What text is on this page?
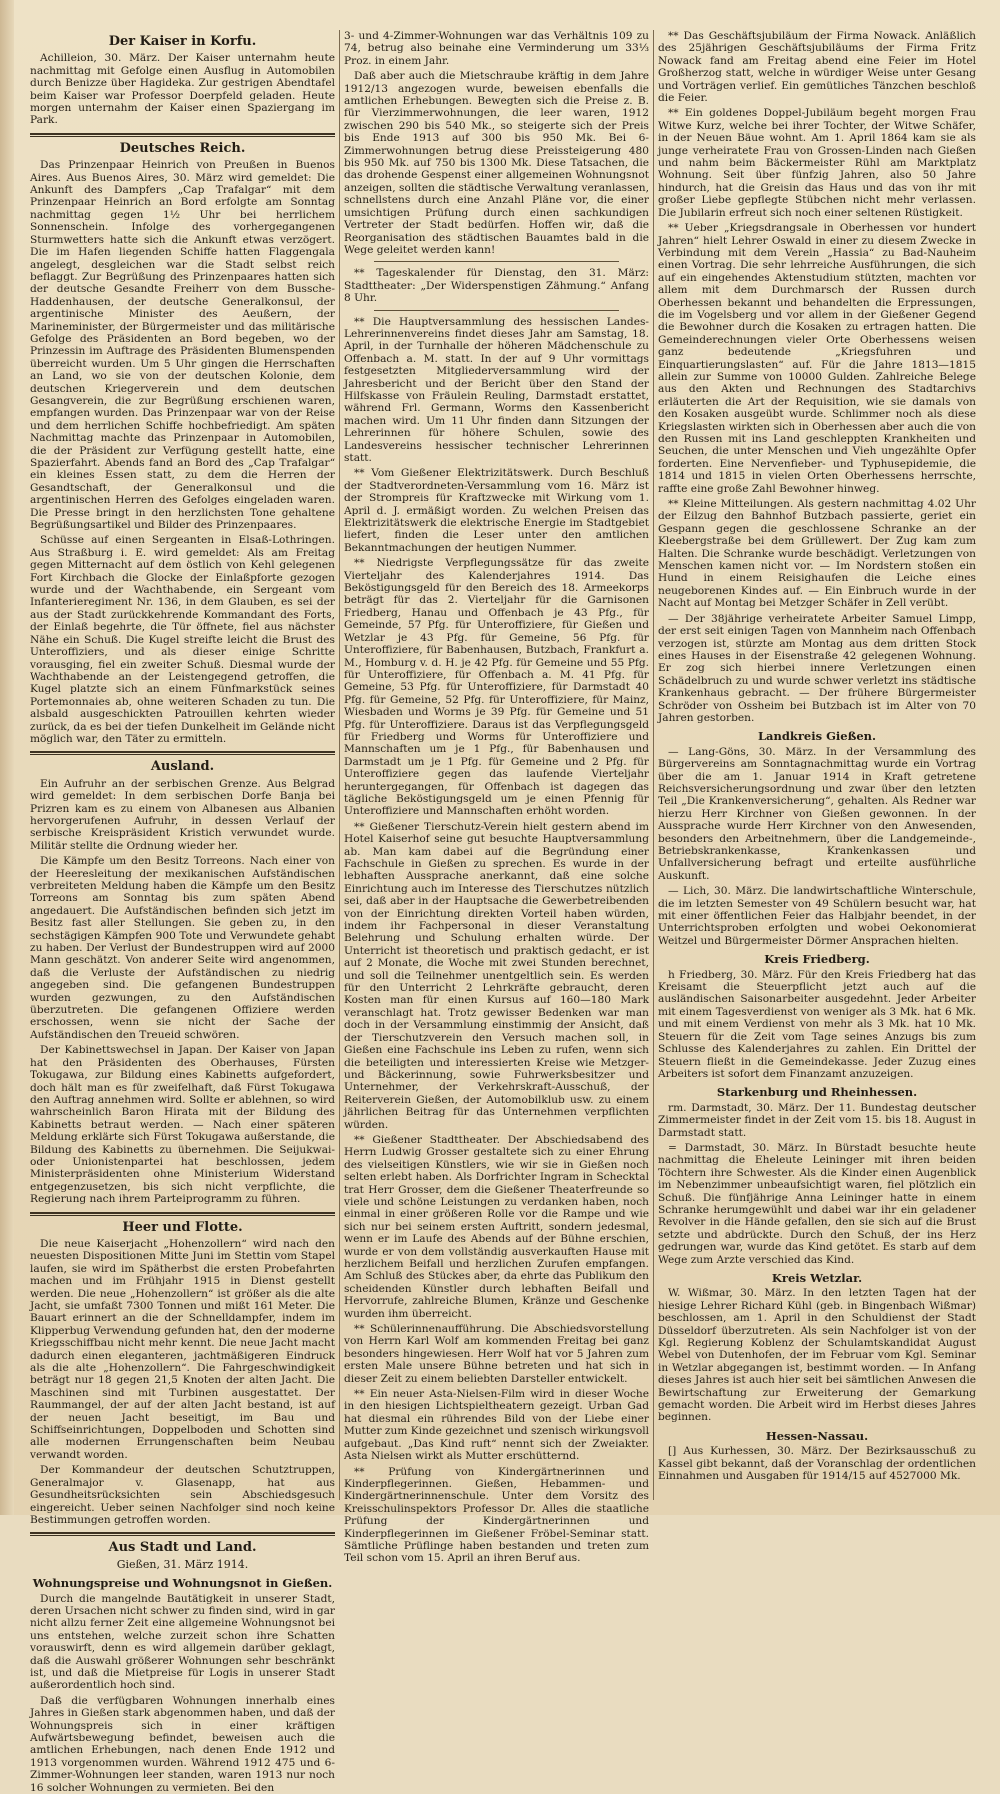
Der Kaiser in Korfu.

Achilleion, 30. März. Der Kaiser unternahm heute nachmittag mit Gefolge einen Ausflug in Automobilen durch Benizze über Hagideka. Zur gestrigen Abendtafel beim Kaiser war Professor Doerpfeld geladen. Heute morgen unternahm der Kaiser einen Spaziergang im Park.

Deutsches Reich.

Das Prinzenpaar Heinrich von Preußen in Buenos Aires. Aus Buenos Aires, 30. März wird gemeldet: Die Ankunft des Dampfers „Cap Trafalgar“ mit dem Prinzenpaar Heinrich an Bord erfolgte am Sonntag nachmittag gegen 1½ Uhr bei herrlichem Sonnenschein. Infolge des vorhergegangenen Sturmwetters hatte sich die Ankunft etwas verzögert. Die im Hafen liegenden Schiffe hatten Flaggengala angelegt, desgleichen war die Stadt selbst reich beflaggt. Zur Begrüßung des Prinzenpaares hatten sich der deutsche Gesandte Freiherr von dem Bussche-Haddenhausen, der deutsche Generalkonsul, der argentinische Minister des Aeußern, der Marineminister, der Bürgermeister und das militärische Gefolge des Präsidenten an Bord begeben, wo der Prinzessin im Auftrage des Präsidenten Blumenspenden überreicht wurden. Um 5 Uhr gingen die Herrschaften an Land, wo sie von der deutschen Kolonie, dem deutschen Kriegerverein und dem deutschen Gesangverein, die zur Begrüßung erschienen waren, empfangen wurden. Das Prinzenpaar war von der Reise und dem herrlichen Schiffe hochbefriedigt. Am späten Nachmittag machte das Prinzenpaar in Automobilen, die der Präsident zur Verfügung gestellt hatte, eine Spazierfahrt. Abends fand an Bord des „Cap Trafalgar“ ein kleines Essen statt, zu dem die Herren der Gesandtschaft, der Generalkonsul und die argentinischen Herren des Gefolges eingeladen waren. Die Presse bringt in den herzlichsten Tone gehaltene Begrüßungsartikel und Bilder des Prinzenpaares.

Schüsse auf einen Sergeanten in Elsaß-Lothringen. Aus Straßburg i. E. wird gemeldet: Als am Freitag gegen Mitternacht auf dem östlich von Kehl gelegenen Fort Kirchbach die Glocke der Einlaßpforte gezogen wurde und der Wachthabende, ein Sergeant vom Infanterieregiment Nr. 136, in dem Glauben, es sei der aus der Stadt zurückkehrende Kommandant des Forts, der Einlaß begehrte, die Tür öffnete, fiel aus nächster Nähe ein Schuß. Die Kugel streifte leicht die Brust des Unteroffiziers, und als dieser einige Schritte vorausging, fiel ein zweiter Schuß. Diesmal wurde der Wachthabende an der Leistengegend getroffen, die Kugel platzte sich an einem Fünfmarkstück seines Portemonnaies ab, ohne weiteren Schaden zu tun. Die alsbald ausgeschickten Patrouillen kehrten wieder zurück, da es bei der tiefen Dunkelheit im Gelände nicht möglich war, den Täter zu ermitteln.

Ausland.

Ein Aufruhr an der serbischen Grenze. Aus Belgrad wird gemeldet: In dem serbischen Dorfe Banja bei Prizren kam es zu einem von Albanesen aus Albanien hervorgerufenen Aufruhr, in dessen Verlauf der serbische Kreispräsident Kristich verwundet wurde. Militär stellte die Ordnung wieder her.

Die Kämpfe um den Besitz Torreons. Nach einer von der Heeresleitung der mexikanischen Aufständischen verbreiteten Meldung haben die Kämpfe um den Besitz Torreons am Sonntag bis zum späten Abend angedauert. Die Aufständischen befinden sich jetzt im Besitz fast aller Stellungen. Sie geben zu, in den sechstägigen Kämpfen 900 Tote und Verwundete gehabt zu haben. Der Verlust der Bundestruppen wird auf 2000 Mann geschätzt. Von anderer Seite wird angenommen, daß die Verluste der Aufständischen zu niedrig angegeben sind. Die gefangenen Bundestruppen wurden gezwungen, zu den Aufständischen überzutreten. Die gefangenen Offiziere werden erschossen, wenn sie nicht der Sache der Aufständischen den Treueid schwören.

Der Kabinettswechsel in Japan. Der Kaiser von Japan hat den Präsidenten des Oberhauses, Fürsten Tokugawa, zur Bildung eines Kabinetts aufgefordert, doch hält man es für zweifelhaft, daß Fürst Tokugawa den Auftrag annehmen wird. Sollte er ablehnen, so wird wahrscheinlich Baron Hirata mit der Bildung des Kabinetts betraut werden. — Nach einer späteren Meldung erklärte sich Fürst Tokugawa außerstande, die Bildung des Kabinetts zu übernehmen. Die Seijukwai- oder Unionistenpartei hat beschlossen, jedem Ministerpräsidenten ohne Ministerium Widerstand entgegenzusetzen, bis sich nicht verpflichte, die Regierung nach ihrem Parteiprogramm zu führen.

Heer und Flotte.

Die neue Kaiserjacht „Hohenzollern“ wird nach den neuesten Dispositionen Mitte Juni im Stettin vom Stapel laufen, sie wird im Spätherbst die ersten Probefahrten machen und im Frühjahr 1915 in Dienst gestellt werden. Die neue „Hohenzollern“ ist größer als die alte Jacht, sie umfaßt 7300 Tonnen und mißt 161 Meter. Die Bauart erinnert an die der Schnelldampfer, indem im Klipperbug Verwendung gefunden hat, den der moderne Kriegsschiffbau nicht mehr kennt. Die neue Jacht macht dadurch einen eleganteren, jachtmäßigeren Eindruck als die alte „Hohenzollern“. Die Fahrgeschwindigkeit beträgt nur 18 gegen 21,5 Knoten der alten Jacht. Die Maschinen sind mit Turbinen ausgestattet. Der Raummangel, der auf der alten Jacht bestand, ist auf der neuen Jacht beseitigt, im Bau und Schiffseinrichtungen, Doppelboden und Schotten sind alle modernen Errungenschaften beim Neubau verwandt worden.

Der Kommandeur der deutschen Schutztruppen, Generalmajor v. Glasenapp, hat aus Gesundheitsrücksichten sein Abschiedsgesuch eingereicht. Ueber seinen Nachfolger sind noch keine Bestimmungen getroffen worden.

Aus Stadt und Land.
Gießen, 31. März 1914.
Wohnungspreise und Wohnungsnot in Gießen.

Durch die mangelnde Bautätigkeit in unserer Stadt, deren Ursachen nicht schwer zu finden sind, wird in gar nicht allzu ferner Zeit eine allgemeine Wohnungsnot bei uns entstehen, welche zurzeit schon ihre Schatten vorauswirft, denn es wird allgemein darüber geklagt, daß die Auswahl größerer Wohnungen sehr beschränkt ist, und daß die Mietpreise für Logis in unserer Stadt außerordentlich hoch sind.

Daß die verfügbaren Wohnungen innerhalb eines Jahres in Gießen stark abgenommen haben, und daß der Wohnungspreis sich in einer kräftigen Aufwärtsbewegung befindet, beweisen auch die amtlichen Erhebungen, nach denen Ende 1912 und 1913 vorgenommen wurden. Während 1912 475 und 6-Zimmer-Wohnungen leer standen, waren 1913 nur noch 16 solcher Wohnungen zu vermieten. Bei den

3- und 4-Zimmer-Wohnungen war das Verhältnis 109 zu 74, betrug also beinahe eine Verminderung um 33⅓ Proz. in einem Jahr.

Daß aber auch die Mietschraube kräftig in dem Jahre 1912/13 angezogen wurde, beweisen ebenfalls die amtlichen Erhebungen. Bewegten sich die Preise z. B. für Vierzimmerwohnungen, die leer waren, 1912 zwischen 290 bis 540 Mk., so steigerte sich der Preis bis Ende 1913 auf 300 bis 950 Mk. Bei 6-Zimmerwohnungen betrug diese Preissteigerung 480 bis 950 Mk. auf 750 bis 1300 Mk. Diese Tatsachen, die das drohende Gespenst einer allgemeinen Wohnungsnot anzeigen, sollten die städtische Verwaltung veranlassen, schnellstens durch eine Anzahl Pläne vor, die einer umsichtigen Prüfung durch einen sachkundigen Vertreter der Stadt bedürfen. Hoffen wir, daß die Reorganisation des städtischen Bauamtes bald in die Wege geleitet werden kann!

** Tageskalender für Dienstag, den 31. März: Stadttheater: „Der Widerspenstigen Zähmung.“ Anfang 8 Uhr.

** Die Hauptversammlung des hessischen Landes-Lehrerinnenvereins findet dieses Jahr am Samstag, 18. April, in der Turnhalle der höheren Mädchenschule zu Offenbach a. M. statt. In der auf 9 Uhr vormittags festgesetzten Mitgliederversammlung wird der Jahresbericht und der Bericht über den Stand der Hilfskasse von Fräulein Reuling, Darmstadt erstattet, während Frl. Germann, Worms den Kassenbericht machen wird. Um 11 Uhr finden dann Sitzungen der Lehrerinnen für höhere Schulen, sowie des Landesvereins hessischer technischer Lehrerinnen statt.

** Vom Gießener Elektrizitätswerk. Durch Beschluß der Stadtverordneten-Versammlung vom 16. März ist der Strompreis für Kraftzwecke mit Wirkung vom 1. April d. J. ermäßigt worden. Zu welchen Preisen das Elektrizitätswerk die elektrische Energie im Stadtgebiet liefert, finden die Leser unter den amtlichen Bekanntmachungen der heutigen Nummer.

** Niedrigste Verpflegungssätze für das zweite Vierteljahr des Kalenderjahres 1914. Das Beköstigungsgeld für den Bereich des 18. Armeekorps beträgt für das 2. Vierteljahr für die Garnisonen Friedberg, Hanau und Offenbach je 43 Pfg., für Gemeinde, 57 Pfg. für Unteroffiziere, für Gießen und Wetzlar je 43 Pfg. für Gemeine, 56 Pfg. für Unteroffiziere, für Babenhausen, Butzbach, Frankfurt a. M., Homburg v. d. H. je 42 Pfg. für Gemeine und 55 Pfg. für Unteroffiziere, für Offenbach a. M. 41 Pfg. für Gemeine, 53 Pfg. für Unteroffiziere, für Darmstadt 40 Pfg. für Gemeine, 52 Pfg. für Unteroffiziere, für Mainz, Wiesbaden und Worms je 39 Pfg. für Gemeine und 51 Pfg. für Unteroffiziere. Daraus ist das Verpflegungsgeld für Friedberg und Worms für Unteroffiziere und Mannschaften um je 1 Pfg., für Babenhausen und Darmstadt um je 1 Pfg. für Gemeine und 2 Pfg. für Unteroffiziere gegen das laufende Vierteljahr heruntergegangen, für Offenbach ist dagegen das tägliche Beköstigungsgeld um je einen Pfennig für Unteroffiziere und Mannschaften erhöht worden.

** Gießener Tierschutz-Verein hielt gestern abend im Hotel Kaiserhof seine gut besuchte Hauptversammlung ab. Man kam dabei auf die Begründung einer Fachschule in Gießen zu sprechen. Es wurde in der lebhaften Aussprache anerkannt, daß eine solche Einrichtung auch im Interesse des Tierschutzes nützlich sei, daß aber in der Hauptsache die Gewerbetreibenden von der Einrichtung direkten Vorteil haben würden, indem ihr Fachpersonal in dieser Veranstaltung Belehrung und Schulung erhalten würde. Der Unterricht ist theoretisch und praktisch gedacht, er ist auf 2 Monate, die Woche mit zwei Stunden berechnet, und soll die Teilnehmer unentgeltlich sein. Es werden für den Unterricht 2 Lehrkräfte gebraucht, deren Kosten man für einen Kursus auf 160—180 Mark veranschlagt hat. Trotz gewisser Bedenken war man doch in der Versammlung einstimmig der Ansicht, daß der Tierschutzverein den Versuch machen soll, in Gießen eine Fachschule ins Leben zu rufen, wenn sich die beteiligten und interessierten Kreise wie Metzger- und Bäckerinnung, sowie Fuhrwerksbesitzer und Unternehmer, der Verkehrskraft-Ausschuß, der Reiterverein Gießen, der Automobilklub usw. zu einem jährlichen Beitrag für das Unternehmen verpflichten würden.

** Gießener Stadttheater. Der Abschiedsabend des Herrn Ludwig Grosser gestaltete sich zu einer Ehrung des vielseitigen Künstlers, wie wir sie in Gießen noch selten erlebt haben. Als Dorfrichter Ingram in Schecktal trat Herr Grosser, dem die Gießener Theaterfreunde so viele und schöne Leistungen zu verdanken haben, noch einmal in einer größeren Rolle vor die Rampe und wie sich nur bei seinem ersten Auftritt, sondern jedesmal, wenn er im Laufe des Abends auf der Bühne erschien, wurde er von dem vollständig ausverkauften Hause mit herzlichem Beifall und herzlichen Zurufen empfangen. Am Schluß des Stückes aber, da ehrte das Publikum den scheidenden Künstler durch lebhaften Beifall und Hervorrufe, zahlreiche Blumen, Kränze und Geschenke wurden ihm überreicht.

** Schülerinnenaufführung. Die Abschiedsvorstellung von Herrn Karl Wolf am kommenden Freitag bei ganz besonders hingewiesen. Herr Wolf hat vor 5 Jahren zum ersten Male unsere Bühne betreten und hat sich in dieser Zeit zu einem beliebten Darsteller entwickelt.

** Ein neuer Asta-Nielsen-Film wird in dieser Woche in den hiesigen Lichtspieltheatern gezeigt. Urban Gad hat diesmal ein rührendes Bild von der Liebe einer Mutter zum Kinde gezeichnet und szenisch wirkungsvoll aufgebaut. „Das Kind ruft“ nennt sich der Zweiakter. Asta Nielsen wirkt als Mutter erschütternd.

** Prüfung von Kindergärtnerinnen und Kinderpflegerinnen. Gießen, Hebammen- und Kindergärtnerinnenschule. Unter dem Vorsitz des Kreisschulinspektors Professor Dr. Alles die staatliche Prüfung der Kindergärtnerinnen und Kinderpflegerinnen im Gießener Fröbel-Seminar statt. Sämtliche Prüflinge haben bestanden und treten zum Teil schon vom 15. April an ihren Beruf aus.

** Das Geschäftsjubiläum der Firma Nowack. Anläßlich des 25jährigen Geschäftsjubiläums der Firma Fritz Nowack fand am Freitag abend eine Feier im Hotel Großherzog statt, welche in würdiger Weise unter Gesang und Vorträgen verlief. Ein gemütliches Tänzchen beschloß die Feier.

** Ein goldenes Doppel-Jubiläum begeht morgen Frau Witwe Kurz, welche bei ihrer Tochter, der Witwe Schäfer, in der Neuen Bäue wohnt. Am 1. April 1864 kam sie als junge verheiratete Frau von Grossen-Linden nach Gießen und nahm beim Bäckermeister Rühl am Marktplatz Wohnung. Seit über fünfzig Jahren, also 50 Jahre hindurch, hat die Greisin das Haus und das von ihr mit großer Liebe gepflegte Stübchen nicht mehr verlassen. Die Jubilarin erfreut sich noch einer seltenen Rüstigkeit.

** Ueber „Kriegsdrangsale in Oberhessen vor hundert Jahren“ hielt Lehrer Oswald in einer zu diesem Zwecke in Verbindung mit dem Verein „Hassia“ zu Bad-Nauheim einen Vortrag. Die sehr lehrreiche Ausführungen, die sich auf ein eingehendes Aktenstudium stützten, machten vor allem mit dem Durchmarsch der Russen durch Oberhessen bekannt und behandelten die Erpressungen, die im Vogelsberg und vor allem in der Gießener Gegend die Bewohner durch die Kosaken zu ertragen hatten. Die Gemeinderechnungen vieler Orte Oberhessens weisen ganz bedeutende „Kriegsfuhren und Einquartierungslasten“ auf. Für die Jahre 1813—1815 allein zur Summe von 10000 Gulden. Zahlreiche Belege aus den Akten und Rechnungen des Stadtarchivs erläuterten die Art der Requisition, wie sie damals von den Kosaken ausgeübt wurde. Schlimmer noch als diese Kriegslasten wirkten sich in Oberhessen aber auch die von den Russen mit ins Land geschleppten Krankheiten und Seuchen, die unter Menschen und Vieh ungezählte Opfer forderten. Eine Nervenfieber- und Typhusepidemie, die 1814 und 1815 in vielen Orten Oberhessens herrschte, raffte eine große Zahl Bewohner hinweg.

** Kleine Mitteilungen. Als gestern nachmittag 4.02 Uhr der Eilzug den Bahnhof Butzbach passierte, geriet ein Gespann gegen die geschlossene Schranke an der Kleebergstraße bei dem Grüllewert. Der Zug kam zum Halten. Die Schranke wurde beschädigt. Verletzungen von Menschen kamen nicht vor. — Im Nordstern stoßen ein Hund in einem Reisighaufen die Leiche eines neugeborenen Kindes auf. — Ein Einbruch wurde in der Nacht auf Montag bei Metzger Schäfer in Zell verübt.

— Der 38jährige verheiratete Arbeiter Samuel Limpp, der erst seit einigen Tagen von Mannheim nach Offenbach verzogen ist, stürzte am Montag aus dem dritten Stock eines Hauses in der Eisenstraße 42 gelegenen Wohnung. Er zog sich hierbei innere Verletzungen einen Schädelbruch zu und wurde schwer verletzt ins städtische Krankenhaus gebracht. — Der frühere Bürgermeister Schröder von Ossheim bei Butzbach ist im Alter von 70 Jahren gestorben.

Landkreis Gießen.

— Lang-Göns, 30. März. In der Versammlung des Bürgervereins am Sonntagnachmittag wurde ein Vortrag über die am 1. Januar 1914 in Kraft getretene Reichsversicherungsordnung und zwar über den letzten Teil „Die Krankenversicherung“, gehalten. Als Redner war hierzu Herr Kirchner von Gießen gewonnen. In der Aussprache wurde Herr Kirchner von den Anwesenden, besonders den Arbeitnehmern, über die Landgemeinde-, Betriebskrankenkasse, Krankenkassen und Unfallversicherung befragt und erteilte ausführliche Auskunft.

— Lich, 30. März. Die landwirtschaftliche Winterschule, die im letzten Semester von 49 Schülern besucht war, hat mit einer öffentlichen Feier das Halbjahr beendet, in der Unterrichtsproben erfolgten und wobei Oekonomierat Weitzel und Bürgermeister Dörmer Ansprachen hielten.

Kreis Friedberg.

h Friedberg, 30. März. Für den Kreis Friedberg hat das Kreisamt die Steuerpflicht jetzt auch auf die ausländischen Saisonarbeiter ausgedehnt. Jeder Arbeiter mit einem Tagesverdienst von weniger als 3 Mk. hat 6 Mk. und mit einem Verdienst von mehr als 3 Mk. hat 10 Mk. Steuern für die Zeit vom Tage seines Anzugs bis zum Schlusse des Kalenderjahres zu zahlen. Ein Drittel der Steuern fließt in die Gemeindekasse. Jeder Zuzug eines Arbeiters ist sofort dem Finanzamt anzuzeigen.

Starkenburg und Rheinhessen.

rm. Darmstadt, 30. März. Der 11. Bundestag deutscher Zimmermeister findet in der Zeit vom 15. bis 18. August in Darmstadt statt.

= Darmstadt, 30. März. In Bürstadt besuchte heute nachmittag die Eheleute Leininger mit ihren beiden Töchtern ihre Schwester. Als die Kinder einen Augenblick im Nebenzimmer unbeaufsichtigt waren, fiel plötzlich ein Schuß. Die fünfjährige Anna Leininger hatte in einem Schranke herumgewühlt und dabei war ihr ein geladener Revolver in die Hände gefallen, den sie sich auf die Brust setzte und abdrückte. Durch den Schuß, der ins Herz gedrungen war, wurde das Kind getötet. Es starb auf dem Wege zum Arzte verschied das Kind.

Kreis Wetzlar.

W. Wißmar, 30. März. In den letzten Tagen hat der hiesige Lehrer Richard Kühl (geb. in Bingenbach Wißmar) beschlossen, am 1. April in den Schuldienst der Stadt Düsseldorf überzutreten. Als sein Nachfolger ist von der Kgl. Regierung Koblenz der Schulamtskandidat August Webel von Dutenhofen, der im Februar vom Kgl. Seminar in Wetzlar abgegangen ist, bestimmt worden. — In Anfang dieses Jahres ist auch hier seit bei sämtlichen Anwesen die Bewirtschaftung zur Erweiterung der Gemarkung gemacht worden. Die Arbeit wird im Herbst dieses Jahres beginnen.

Hessen-Nassau.

[] Aus Kurhessen, 30. März. Der Bezirksausschuß zu Kassel gibt bekannt, daß der Voranschlag der ordentlichen Einnahmen und Ausgaben für 1914/15 auf 4527000 Mk.
